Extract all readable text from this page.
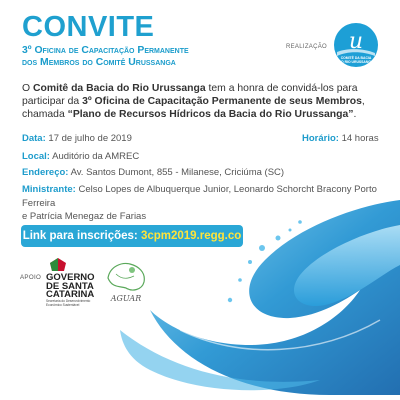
CONVITE
3º Oficina de Capacitação Permanente
dos Membros do Comitê Urussanga
REALIZAÇÃO u
COMITÊ DA BACIA
DO RIO URUSSANGA
O Comitê da Bacia do Rio Urussanga tem a honra de convidá-los para participar da 3º Oficina de Capacitação Permanente de seus Membros, chamada “Plano de Recursos Hídricos da Bacia do Rio Urussanga”.
Data: 17 de julho de 2019	Horário: 14 horas
Local: Auditório da AMREC
Endereço: Av. Santos Dumont, 855 - Milanese, Criciúma (SC)
Ministrante: Celso Lopes de Albuquerque Junior, Leonardo Schorcht Bracony Porto Ferreira
e Patrícia Menegaz de Farias
Link para inscrições: 3cpm2019.regg.co
APOIO GOVERNO
DE SANTA
CATARINA
Secretaria do Desenvolvimento Econômico Sustentável
AGUAR
